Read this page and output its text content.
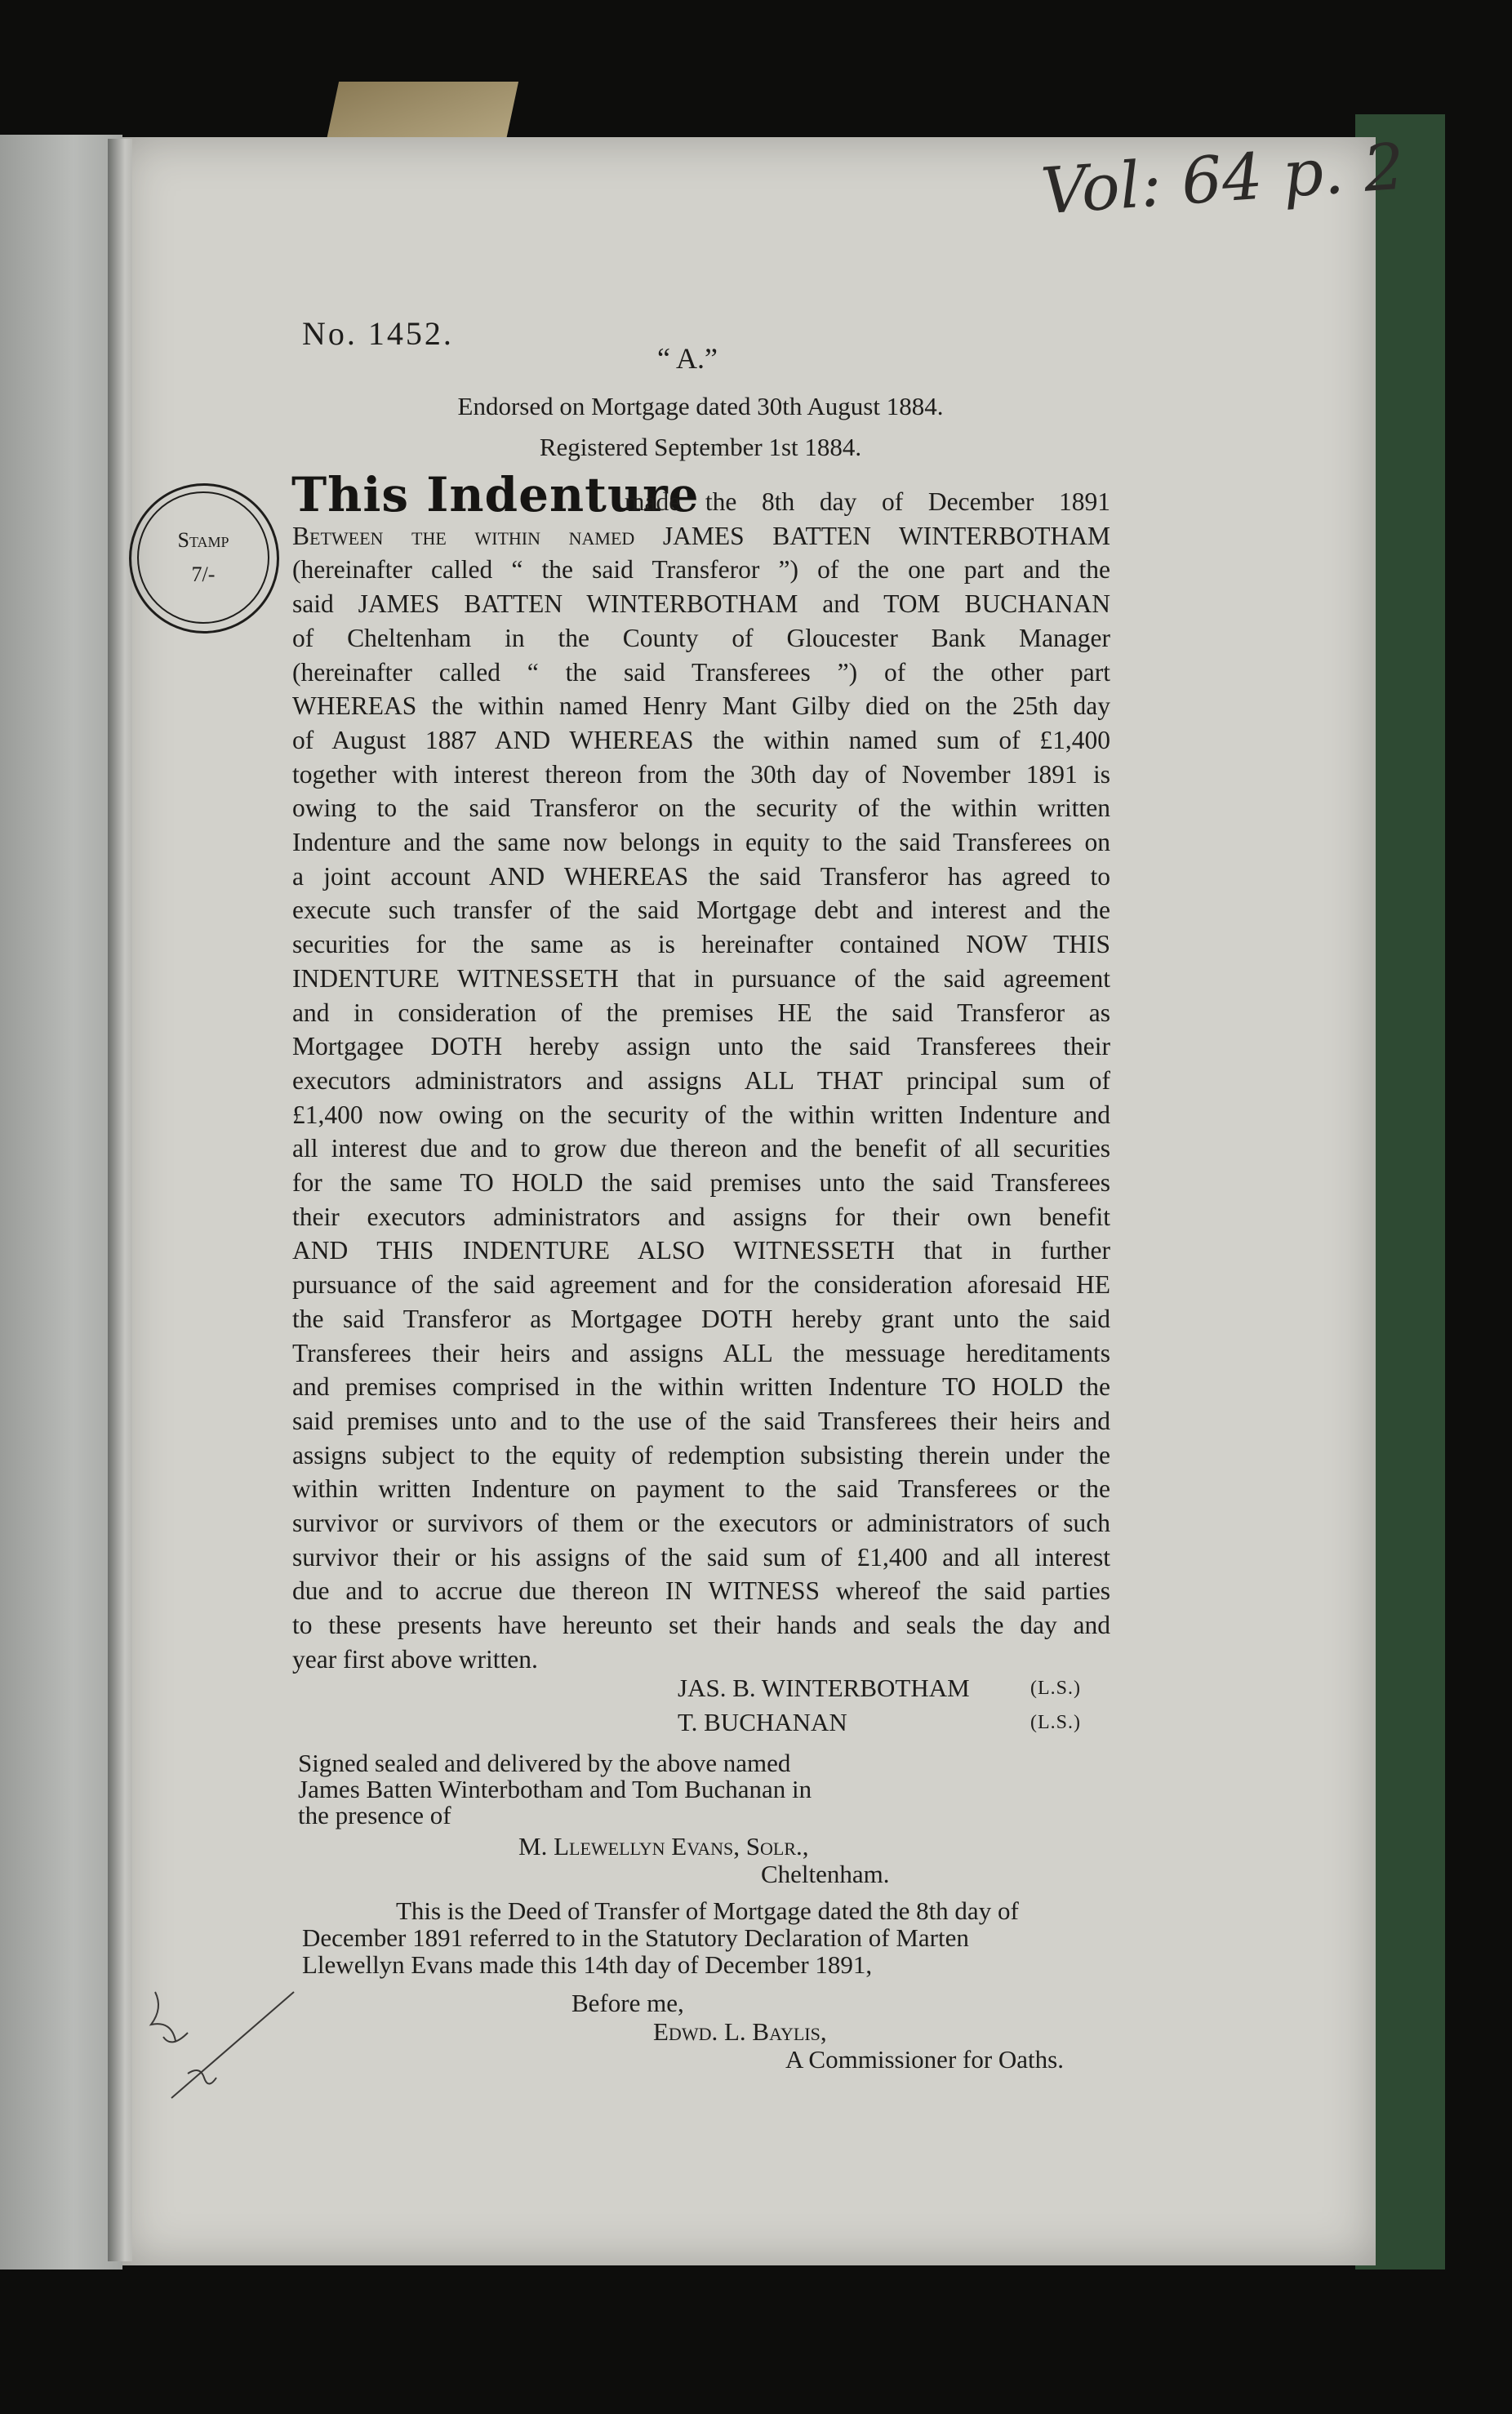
Vol: 64 p. 2
No. 1452.
“ A.”
Endorsed on Mortgage dated 30th August 1884.
Registered September 1st 1884.
Stamp
7/-
This Indenture
made the 8th day of December 1891
Between the within named JAMES BATTEN WINTERBOTHAM
(hereinafter called “ the said Transferor ”) of the one part and the
said JAMES BATTEN WINTERBOTHAM and TOM BUCHANAN
of Cheltenham in the County of Gloucester Bank Manager
(hereinafter called “ the said Transferees ”) of the other part
WHEREAS the within named Henry Mant Gilby died on the 25th day
of August 1887 AND WHEREAS the within named sum of £1,400
together with interest thereon from the 30th day of November 1891 is
owing to the said Transferor on the security of the within written
Indenture and the same now belongs in equity to the said Transferees on
a joint account AND WHEREAS the said Transferor has agreed to
execute such transfer of the said Mortgage debt and interest and the
securities for the same as is hereinafter contained NOW THIS
INDENTURE WITNESSETH that in pursuance of the said agreement
and in consideration of the premises HE the said Transferor as
Mortgagee DOTH hereby assign unto the said Transferees their
executors administrators and assigns ALL THAT principal sum of
£1,400 now owing on the security of the within written Indenture and
all interest due and to grow due thereon and the benefit of all securities
for the same TO HOLD the said premises unto the said Transferees
their executors administrators and assigns for their own benefit
AND THIS INDENTURE ALSO WITNESSETH that in further
pursuance of the said agreement and for the consideration aforesaid HE
the said Transferor as Mortgagee DOTH hereby grant unto the said
Transferees their heirs and assigns ALL the messuage hereditaments
and premises comprised in the within written Indenture TO HOLD the
said premises unto and to the use of the said Transferees their heirs and
assigns subject to the equity of redemption subsisting therein under the
within written Indenture on payment to the said Transferees or the
survivor or survivors of them or the executors or administrators of such
survivor their or his assigns of the said sum of £1,400 and all interest
due and to accrue due thereon IN WITNESS whereof the said parties
to these presents have hereunto set their hands and seals the day and
year first above written.
JAS. B. WINTERBOTHAM	(L.S.)
T. BUCHANAN	(L.S.)
Signed sealed and delivered by the above named
James Batten Winterbotham and Tom Buchanan in
the presence of
M. Llewellyn Evans, Solr.,
Cheltenham.
This is the Deed of Transfer of Mortgage dated the 8th day of
December 1891 referred to in the Statutory Declaration of Marten
Llewellyn Evans made this 14th day of December 1891,
Before me,
Edwd. L. Baylis,
A Commissioner for Oaths.
